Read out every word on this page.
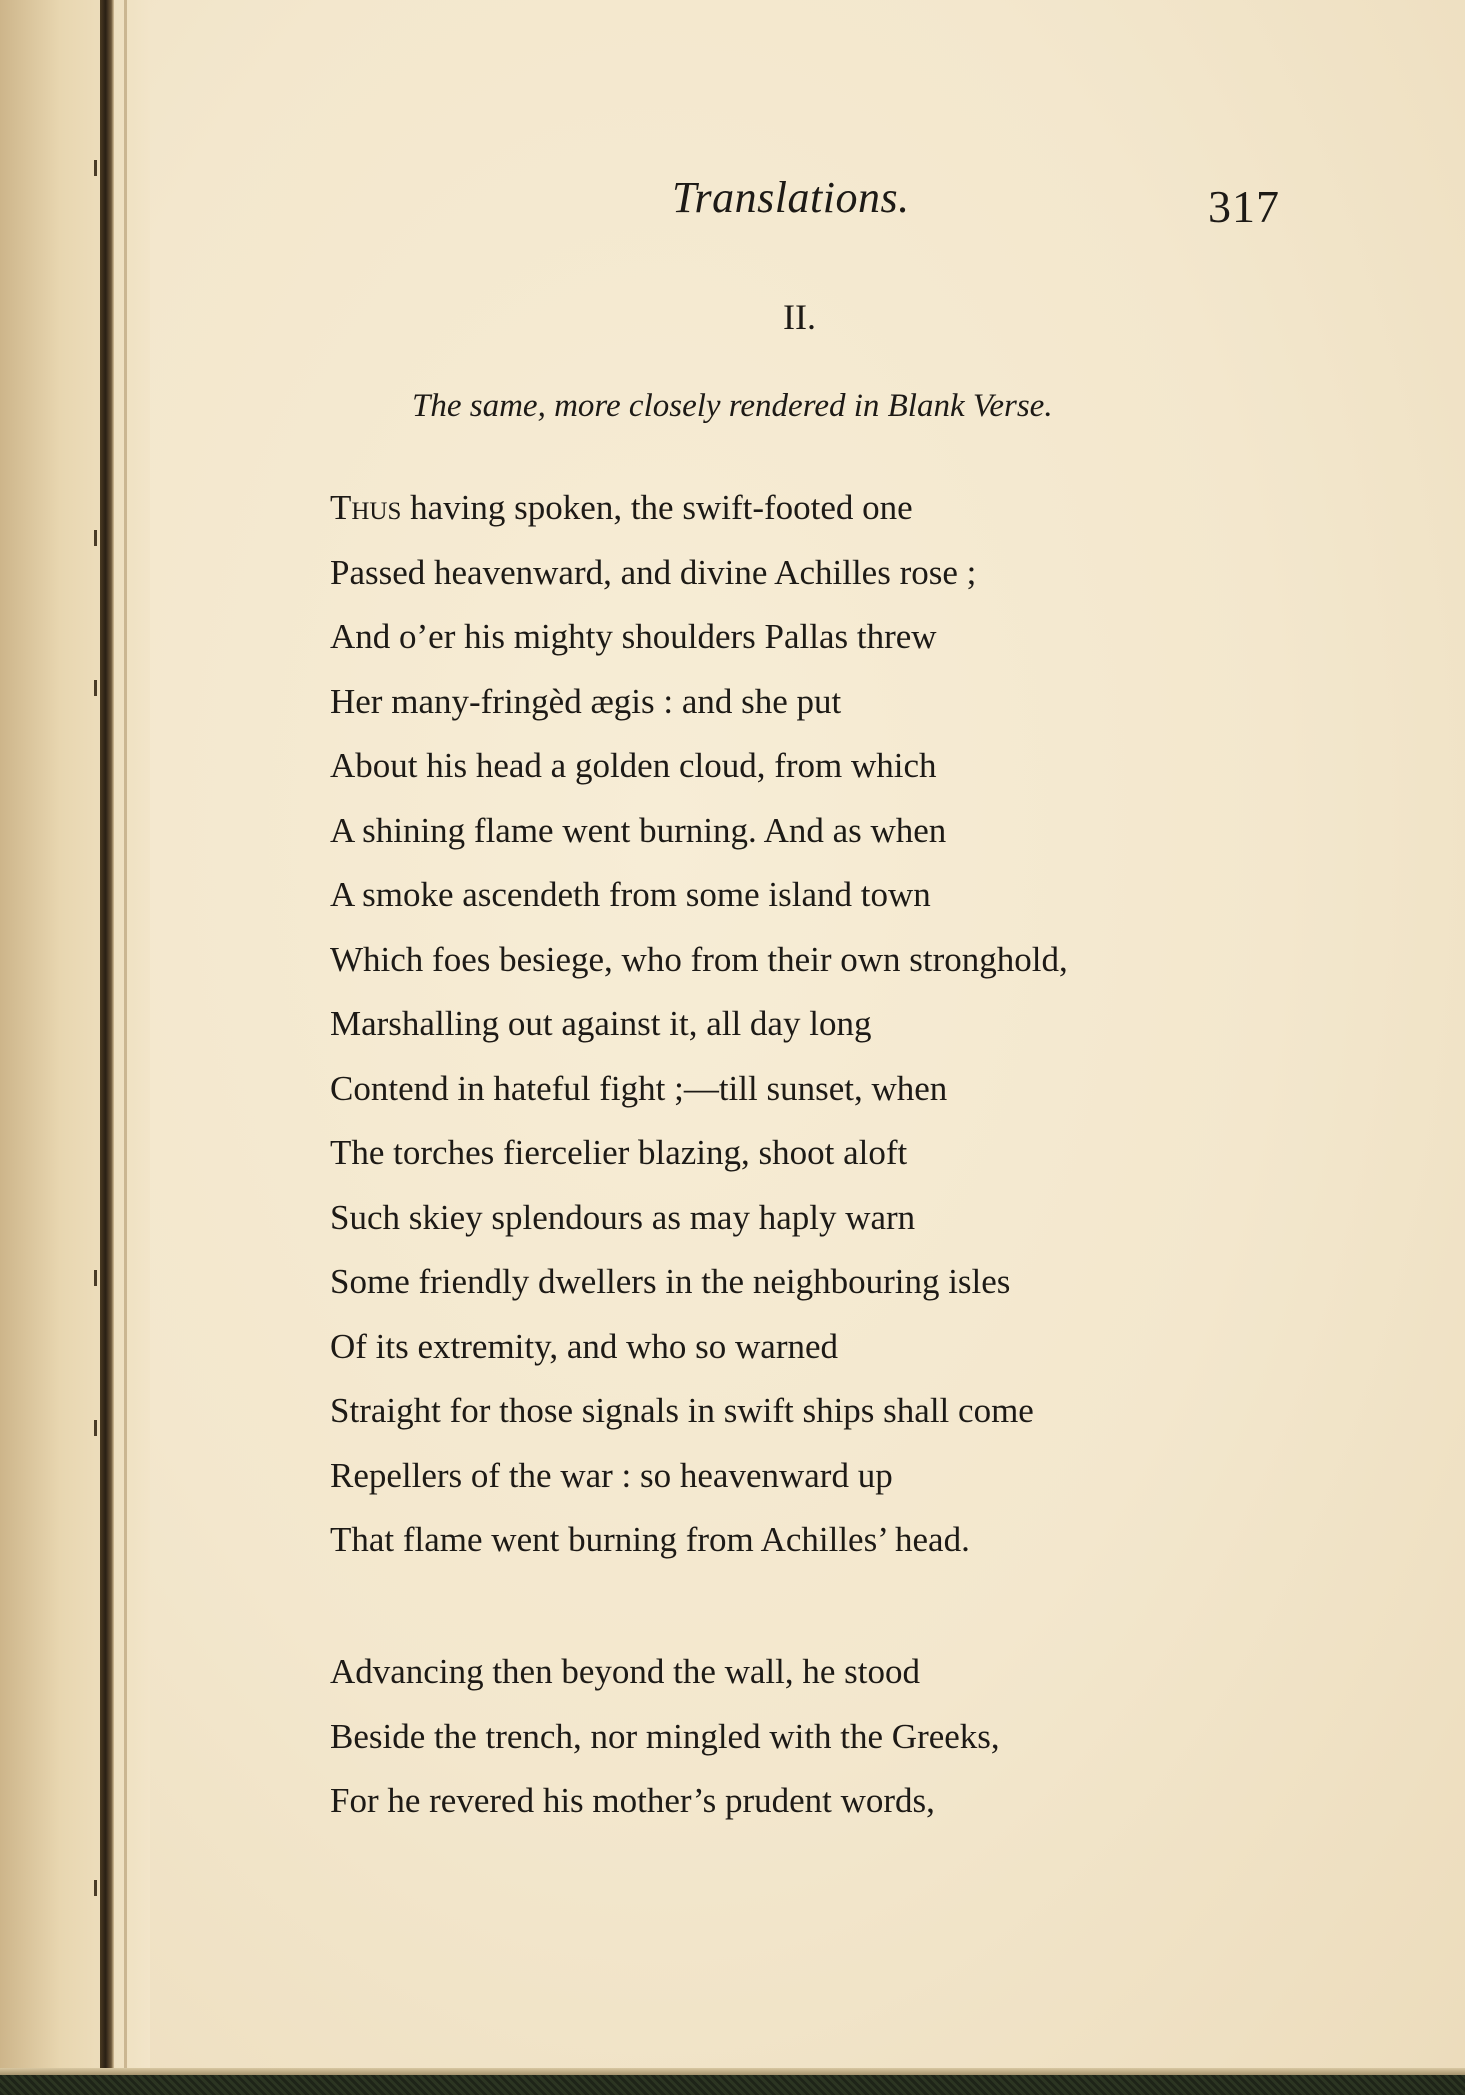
Translations.	317
II.
The same, more closely rendered in Blank Verse.
Thus having spoken, the swift-footed one
Passed heavenward, and divine Achilles rose ;
And o’er his mighty shoulders Pallas threw
Her many-fringèd ægis : and she put
About his head a golden cloud, from which
A shining flame went burning. And as when
A smoke ascendeth from some island town
Which foes besiege, who from their own stronghold,
Marshalling out against it, all day long
Contend in hateful fight ;—till sunset, when
The torches fiercelier blazing, shoot aloft
Such skiey splendours as may haply warn
Some friendly dwellers in the neighbouring isles
Of its extremity, and who so warned
Straight for those signals in swift ships shall come
Repellers of the war : so heavenward up
That flame went burning from Achilles’ head.
Advancing then beyond the wall, he stood
Beside the trench, nor mingled with the Greeks,
For he revered his mother’s prudent words,
